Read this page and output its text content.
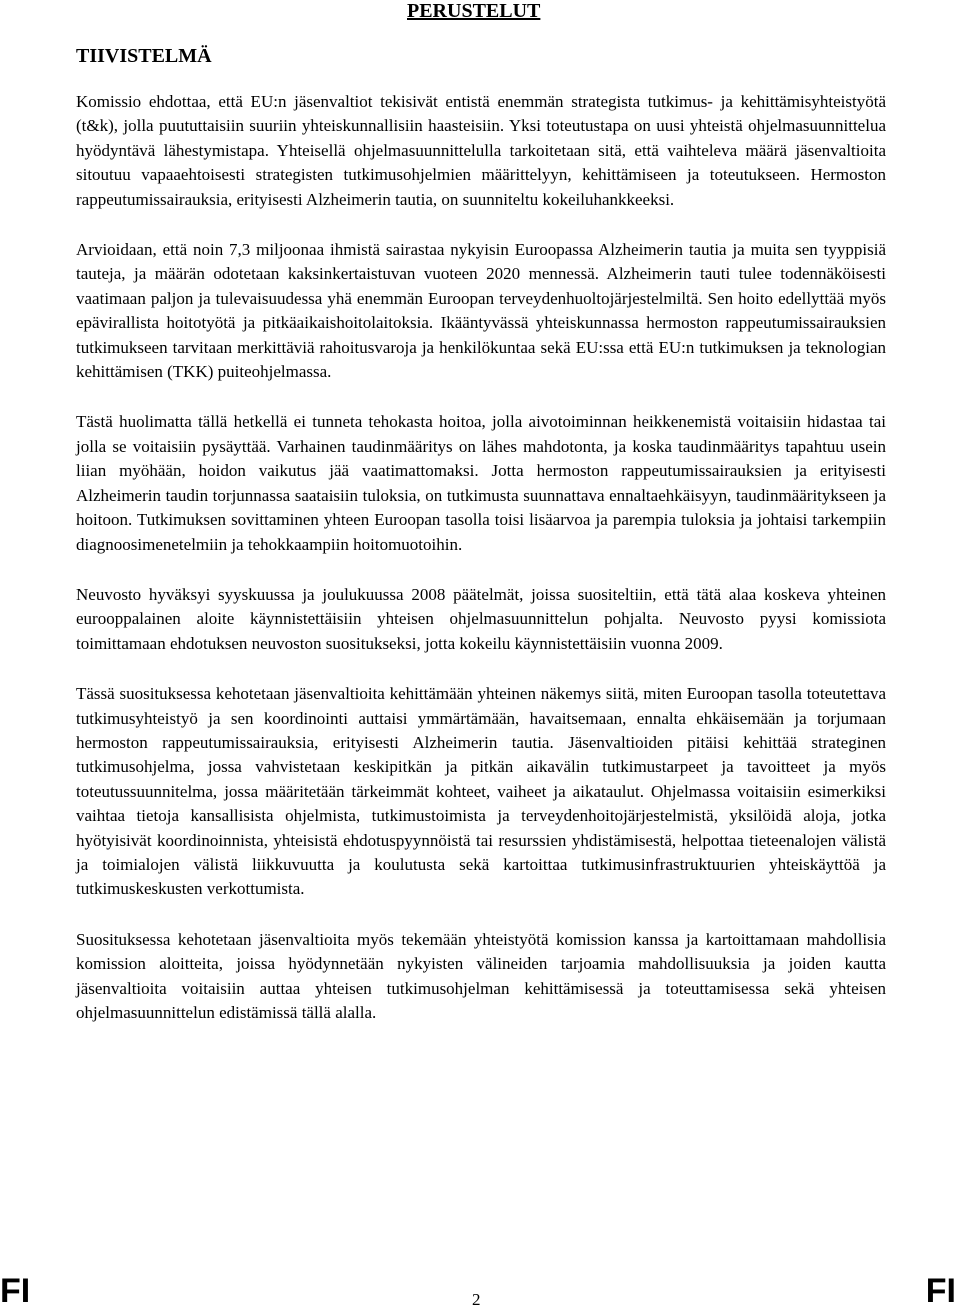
PERUSTELUT
TIIVISTELMÄ

Komissio ehdottaa, että EU:n jäsenvaltiot tekisivät entistä enemmän strategista tutkimus- ja kehittämisyhteistyötä (t&k), jolla puututtaisiin suuriin yhteiskunnallisiin haasteisiin. Yksi toteutustapa on uusi yhteistä ohjelmasuunnittelua hyödyntävä lähestymistapa. Yhteisellä ohjelmasuunnittelulla tarkoitetaan sitä, että vaihteleva määrä jäsenvaltioita sitoutuu vapaaehtoisesti strategisten tutkimusohjelmien määrittelyyn, kehittämiseen ja toteutukseen. Hermoston rappeutumissairauksia, erityisesti Alzheimerin tautia, on suunniteltu kokeiluhankkeeksi.

Arvioidaan, että noin 7,3 miljoonaa ihmistä sairastaa nykyisin Euroopassa Alzheimerin tautia ja muita sen tyyppisiä tauteja, ja määrän odotetaan kaksinkertaistuvan vuoteen 2020 mennessä. Alzheimerin tauti tulee todennäköisesti vaatimaan paljon ja tulevaisuudessa yhä enemmän Euroopan terveydenhuoltojärjestelmiltä. Sen hoito edellyttää myös epävirallista hoitotyötä ja pitkäaikaishoitolaitoksia. Ikääntyvässä yhteiskunnassa hermoston rappeutumissairauksien tutkimukseen tarvitaan merkittäviä rahoitusvaroja ja henkilökuntaa sekä EU:ssa että EU:n tutkimuksen ja teknologian kehittämisen (TKK) puiteohjelmassa.

Tästä huolimatta tällä hetkellä ei tunneta tehokasta hoitoa, jolla aivotoiminnan heikkenemistä voitaisiin hidastaa tai jolla se voitaisiin pysäyttää. Varhainen taudinmääritys on lähes mahdotonta, ja koska taudinmääritys tapahtuu usein liian myöhään, hoidon vaikutus jää vaatimattomaksi. Jotta hermoston rappeutumissairauksien ja erityisesti Alzheimerin taudin torjunnassa saataisiin tuloksia, on tutkimusta suunnattava ennaltaehkäisyyn, taudinmääritykseen ja hoitoon. Tutkimuksen sovittaminen yhteen Euroopan tasolla toisi lisäarvoa ja parempia tuloksia ja johtaisi tarkempiin diagnoosimenetelmiin ja tehokkaampiin hoitomuotoihin.

Neuvosto hyväksyi syyskuussa ja joulukuussa 2008 päätelmät, joissa suositeltiin, että tätä alaa koskeva yhteinen eurooppalainen aloite käynnistettäisiin yhteisen ohjelmasuunnittelun pohjalta. Neuvosto pyysi komissiota toimittamaan ehdotuksen neuvoston suositukseksi, jotta kokeilu käynnistettäisiin vuonna 2009.

Tässä suosituksessa kehotetaan jäsenvaltioita kehittämään yhteinen näkemys siitä, miten Euroopan tasolla toteutettava tutkimusyhteistyö ja sen koordinointi auttaisi ymmärtämään, havaitsemaan, ennalta ehkäisemään ja torjumaan hermoston rappeutumissairauksia, erityisesti Alzheimerin tautia. Jäsenvaltioiden pitäisi kehittää strateginen tutkimusohjelma, jossa vahvistetaan keskipitkän ja pitkän aikavälin tutkimustarpeet ja tavoitteet ja myös toteutussuunnitelma, jossa määritetään tärkeimmät kohteet, vaiheet ja aikataulut. Ohjelmassa voitaisiin esimerkiksi vaihtaa tietoja kansallisista ohjelmista, tutkimustoimista ja terveydenhoitojärjestelmistä, yksilöidä aloja, jotka hyötyisivät koordinoinnista, yhteisistä ehdotuspyynnöistä tai resurssien yhdistämisestä, helpottaa tieteenalojen välistä ja toimialojen välistä liikkuvuutta ja koulutusta sekä kartoittaa tutkimusinfrastruktuurien yhteiskäyttöä ja tutkimuskeskusten verkottumista.

Suosituksessa kehotetaan jäsenvaltioita myös tekemään yhteistyötä komission kanssa ja kartoittamaan mahdollisia komission aloitteita, joissa hyödynnetään nykyisten välineiden tarjoamia mahdollisuuksia ja joiden kautta jäsenvaltioita voitaisiin auttaa yhteisen tutkimusohjelman kehittämisessä ja toteuttamisessa sekä yhteisen ohjelmasuunnittelun edistämissä tällä alalla.

FI	2	FI
